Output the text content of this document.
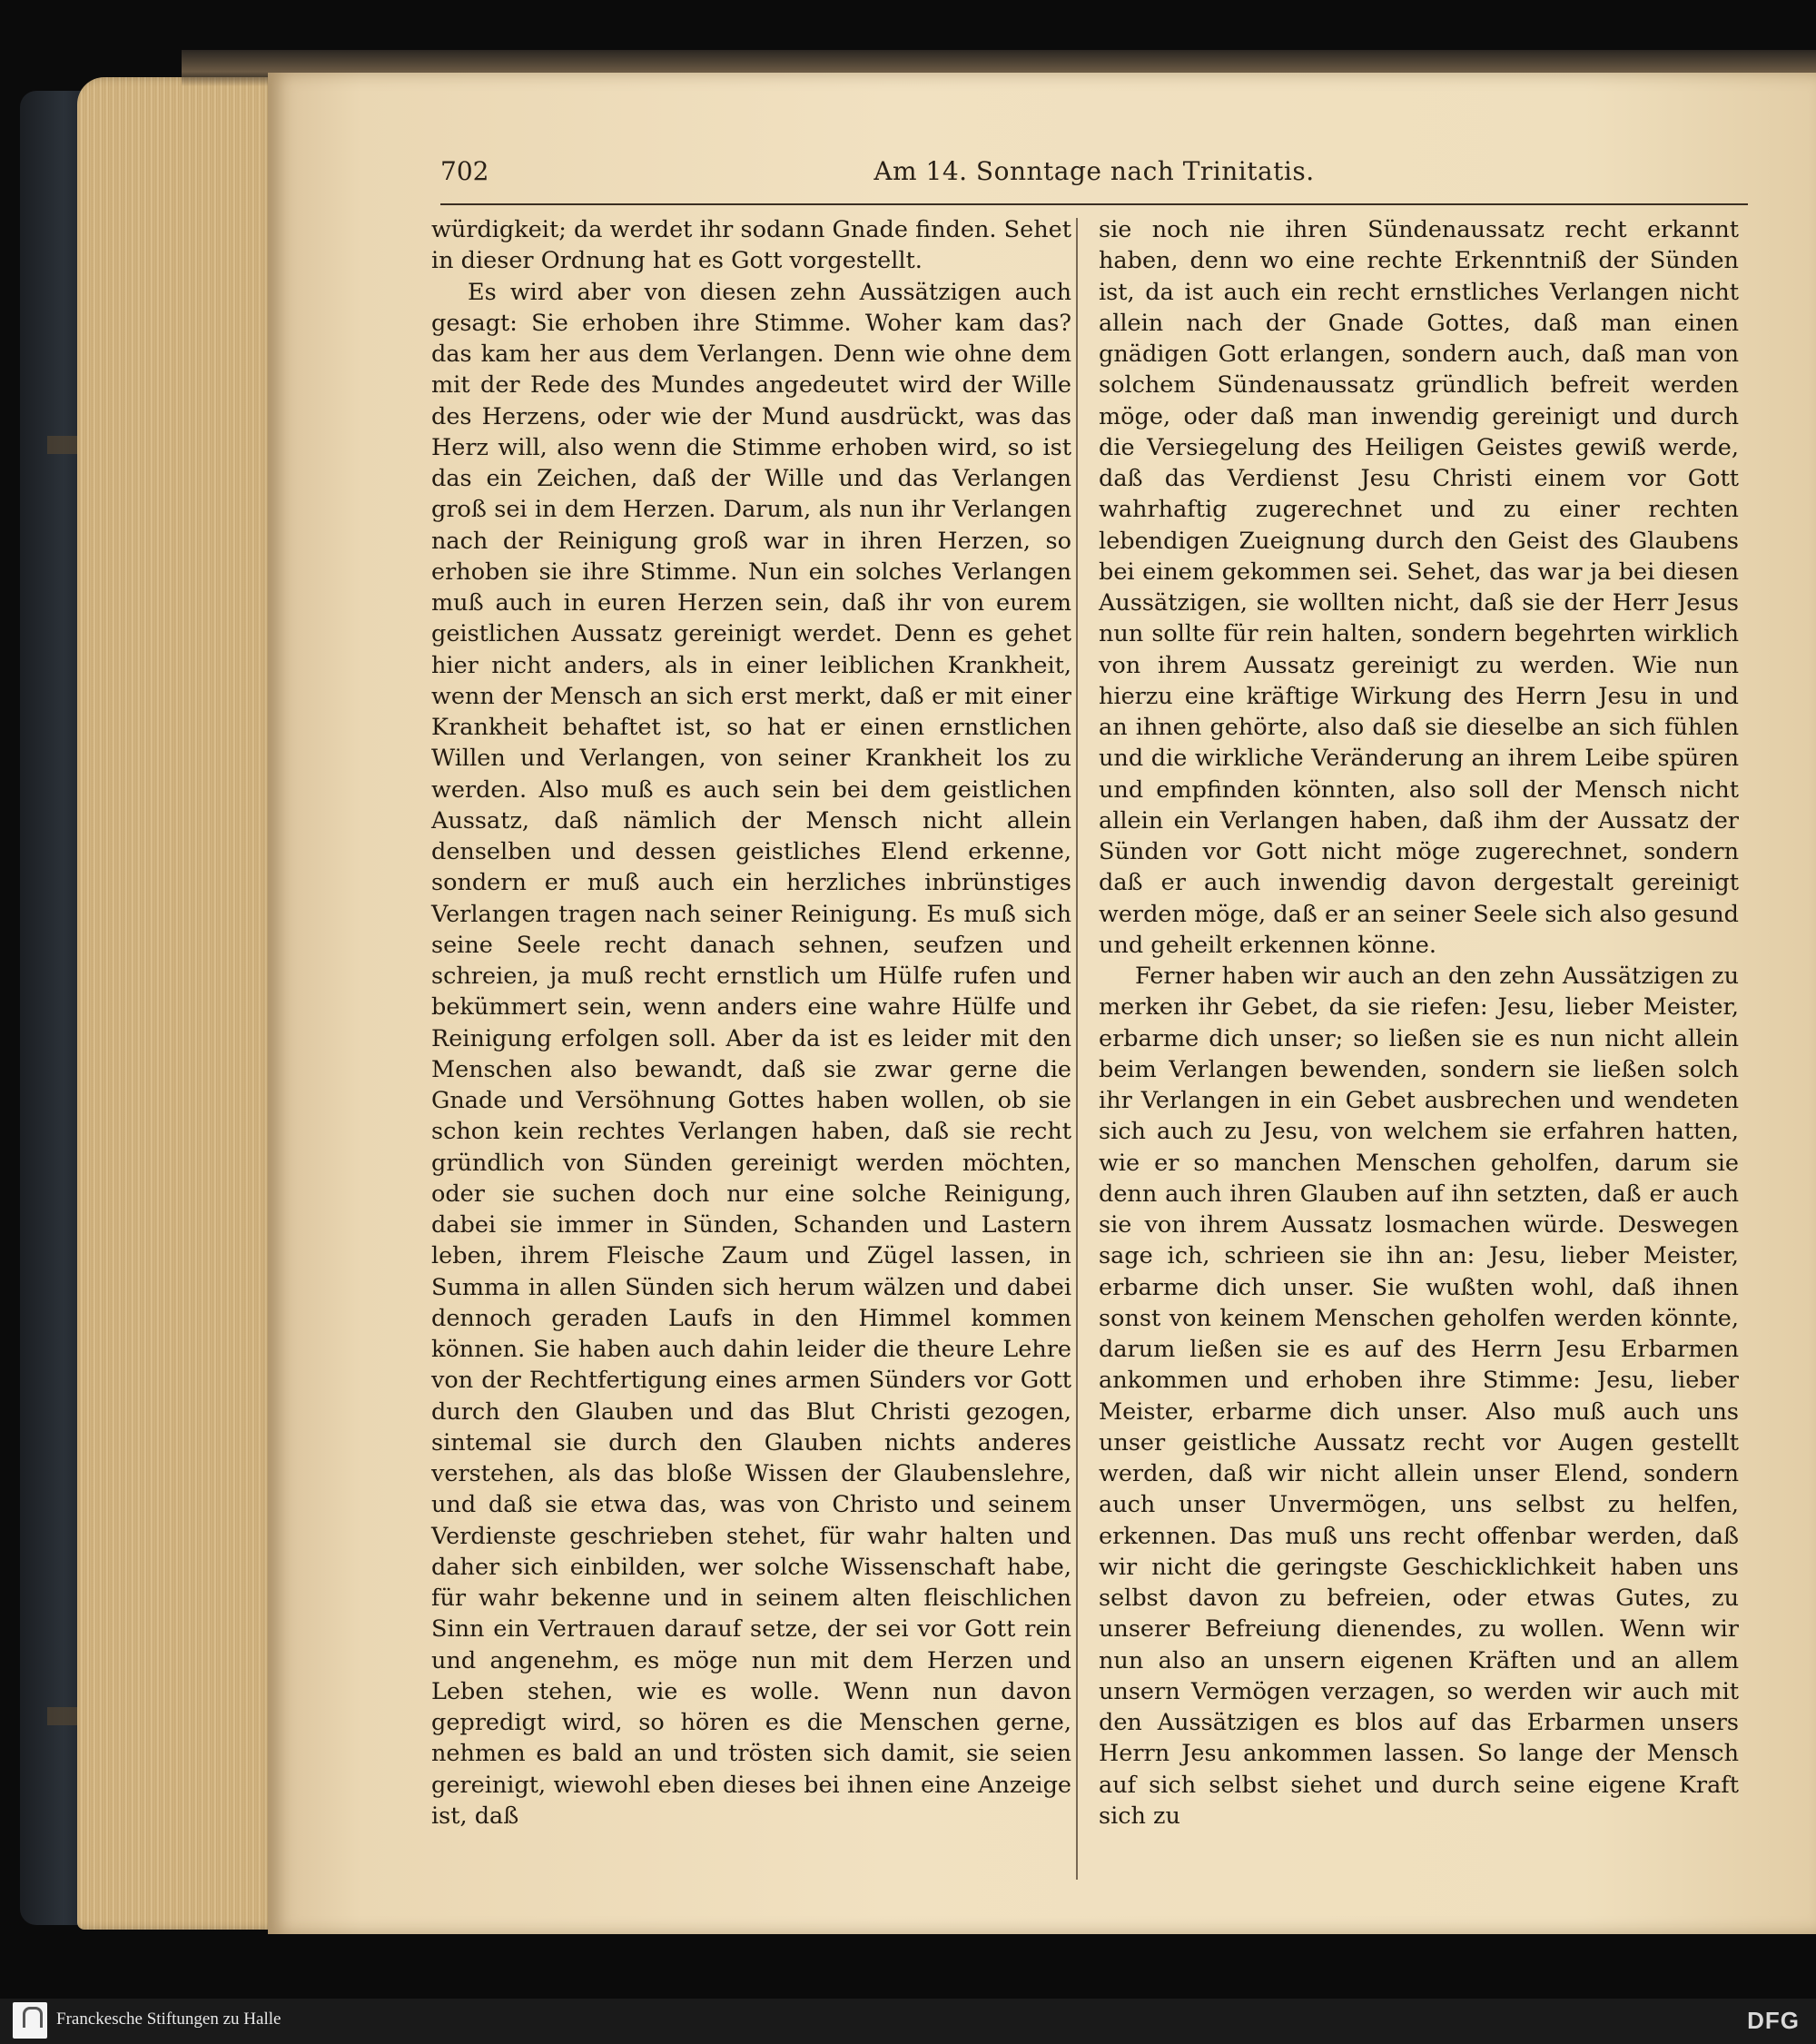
702	Am 14. Sonntage nach Trinitatis.

würdigkeit; da werdet ihr sodann Gnade finden. Sehet in dieser Ordnung hat es Gott vorgestellt.

Es wird aber von diesen zehn Aussätzigen auch gesagt: Sie erhoben ihre Stimme. Woher kam das? das kam her aus dem Verlangen. Denn wie ohne dem mit der Rede des Mundes angedeutet wird der Wille des Herzens, oder wie der Mund ausdrückt, was das Herz will, also wenn die Stimme erhoben wird, so ist das ein Zeichen, daß der Wille und das Verlangen groß sei in dem Herzen. Darum, als nun ihr Verlangen nach der Reinigung groß war in ihren Herzen, so erhoben sie ihre Stimme. Nun ein solches Verlangen muß auch in euren Herzen sein, daß ihr von eurem geistlichen Aussatz gereinigt werdet. Denn es gehet hier nicht anders, als in einer leiblichen Krankheit, wenn der Mensch an sich erst merkt, daß er mit einer Krankheit behaftet ist, so hat er einen ernstlichen Willen und Verlangen, von seiner Krankheit los zu werden. Also muß es auch sein bei dem geistlichen Aussatz, daß nämlich der Mensch nicht allein denselben und dessen geistliches Elend erkenne, sondern er muß auch ein herzliches inbrünstiges Verlangen tragen nach seiner Reinigung. Es muß sich seine Seele recht danach sehnen, seufzen und schreien, ja muß recht ernstlich um Hülfe rufen und bekümmert sein, wenn anders eine wahre Hülfe und Reinigung erfolgen soll. Aber da ist es leider mit den Menschen also bewandt, daß sie zwar gerne die Gnade und Versöhnung Gottes haben wollen, ob sie schon kein rechtes Verlangen haben, daß sie recht gründlich von Sünden gereinigt werden möchten, oder sie suchen doch nur eine solche Reinigung, dabei sie immer in Sünden, Schanden und Lastern leben, ihrem Fleische Zaum und Zügel lassen, in Summa in allen Sünden sich herum wälzen und dabei dennoch geraden Laufs in den Himmel kommen können. Sie haben auch dahin leider die theure Lehre von der Rechtfertigung eines armen Sünders vor Gott durch den Glauben und das Blut Christi gezogen, sintemal sie durch den Glauben nichts anderes verstehen, als das bloße Wissen der Glaubenslehre, und daß sie etwa das, was von Christo und seinem Verdienste geschrieben stehet, für wahr halten und daher sich einbilden, wer solche Wissenschaft habe, für wahr bekenne und in seinem alten fleischlichen Sinn ein Vertrauen darauf setze, der sei vor Gott rein und angenehm, es möge nun mit dem Herzen und Leben stehen, wie es wolle. Wenn nun davon gepredigt wird, so hören es die Menschen gerne, nehmen es bald an und trösten sich damit, sie seien gereinigt, wiewohl eben dieses bei ihnen eine Anzeige ist, daß

sie noch nie ihren Sündenaussatz recht erkannt haben, denn wo eine rechte Erkenntniß der Sünden ist, da ist auch ein recht ernstliches Verlangen nicht allein nach der Gnade Gottes, daß man einen gnädigen Gott erlangen, sondern auch, daß man von solchem Sündenaussatz gründlich befreit werden möge, oder daß man inwendig gereinigt und durch die Versiegelung des Heiligen Geistes gewiß werde, daß das Verdienst Jesu Christi einem vor Gott wahrhaftig zugerechnet und zu einer rechten lebendigen Zueignung durch den Geist des Glaubens bei einem gekommen sei. Sehet, das war ja bei diesen Aussätzigen, sie wollten nicht, daß sie der Herr Jesus nun sollte für rein halten, sondern begehrten wirklich von ihrem Aussatz gereinigt zu werden. Wie nun hierzu eine kräftige Wirkung des Herrn Jesu in und an ihnen gehörte, also daß sie dieselbe an sich fühlen und die wirkliche Veränderung an ihrem Leibe spüren und empfinden könnten, also soll der Mensch nicht allein ein Verlangen haben, daß ihm der Aussatz der Sünden vor Gott nicht möge zugerechnet, sondern daß er auch inwendig davon dergestalt gereinigt werden möge, daß er an seiner Seele sich also gesund und geheilt erkennen könne.

Ferner haben wir auch an den zehn Aussätzigen zu merken ihr Gebet, da sie riefen: Jesu, lieber Meister, erbarme dich unser; so ließen sie es nun nicht allein beim Verlangen bewenden, sondern sie ließen solch ihr Verlangen in ein Gebet ausbrechen und wendeten sich auch zu Jesu, von welchem sie erfahren hatten, wie er so manchen Menschen geholfen, darum sie denn auch ihren Glauben auf ihn setzten, daß er auch sie von ihrem Aussatz losmachen würde. Deswegen sage ich, schrieen sie ihn an: Jesu, lieber Meister, erbarme dich unser. Sie wußten wohl, daß ihnen sonst von keinem Menschen geholfen werden könnte, darum ließen sie es auf des Herrn Jesu Erbarmen ankommen und erhoben ihre Stimme: Jesu, lieber Meister, erbarme dich unser. Also muß auch uns unser geistliche Aussatz recht vor Augen gestellt werden, daß wir nicht allein unser Elend, sondern auch unser Unvermögen, uns selbst zu helfen, erkennen. Das muß uns recht offenbar werden, daß wir nicht die geringste Geschicklichkeit haben uns selbst davon zu befreien, oder etwas Gutes, zu unserer Befreiung dienendes, zu wollen. Wenn wir nun also an unsern eigenen Kräften und an allem unsern Vermögen verzagen, so werden wir auch mit den Aussätzigen es blos auf das Erbarmen unsers Herrn Jesu ankommen lassen. So lange der Mensch auf sich selbst siehet und durch seine eigene Kraft sich zu

Franckesche Stiftungen zu Halle	DFG
